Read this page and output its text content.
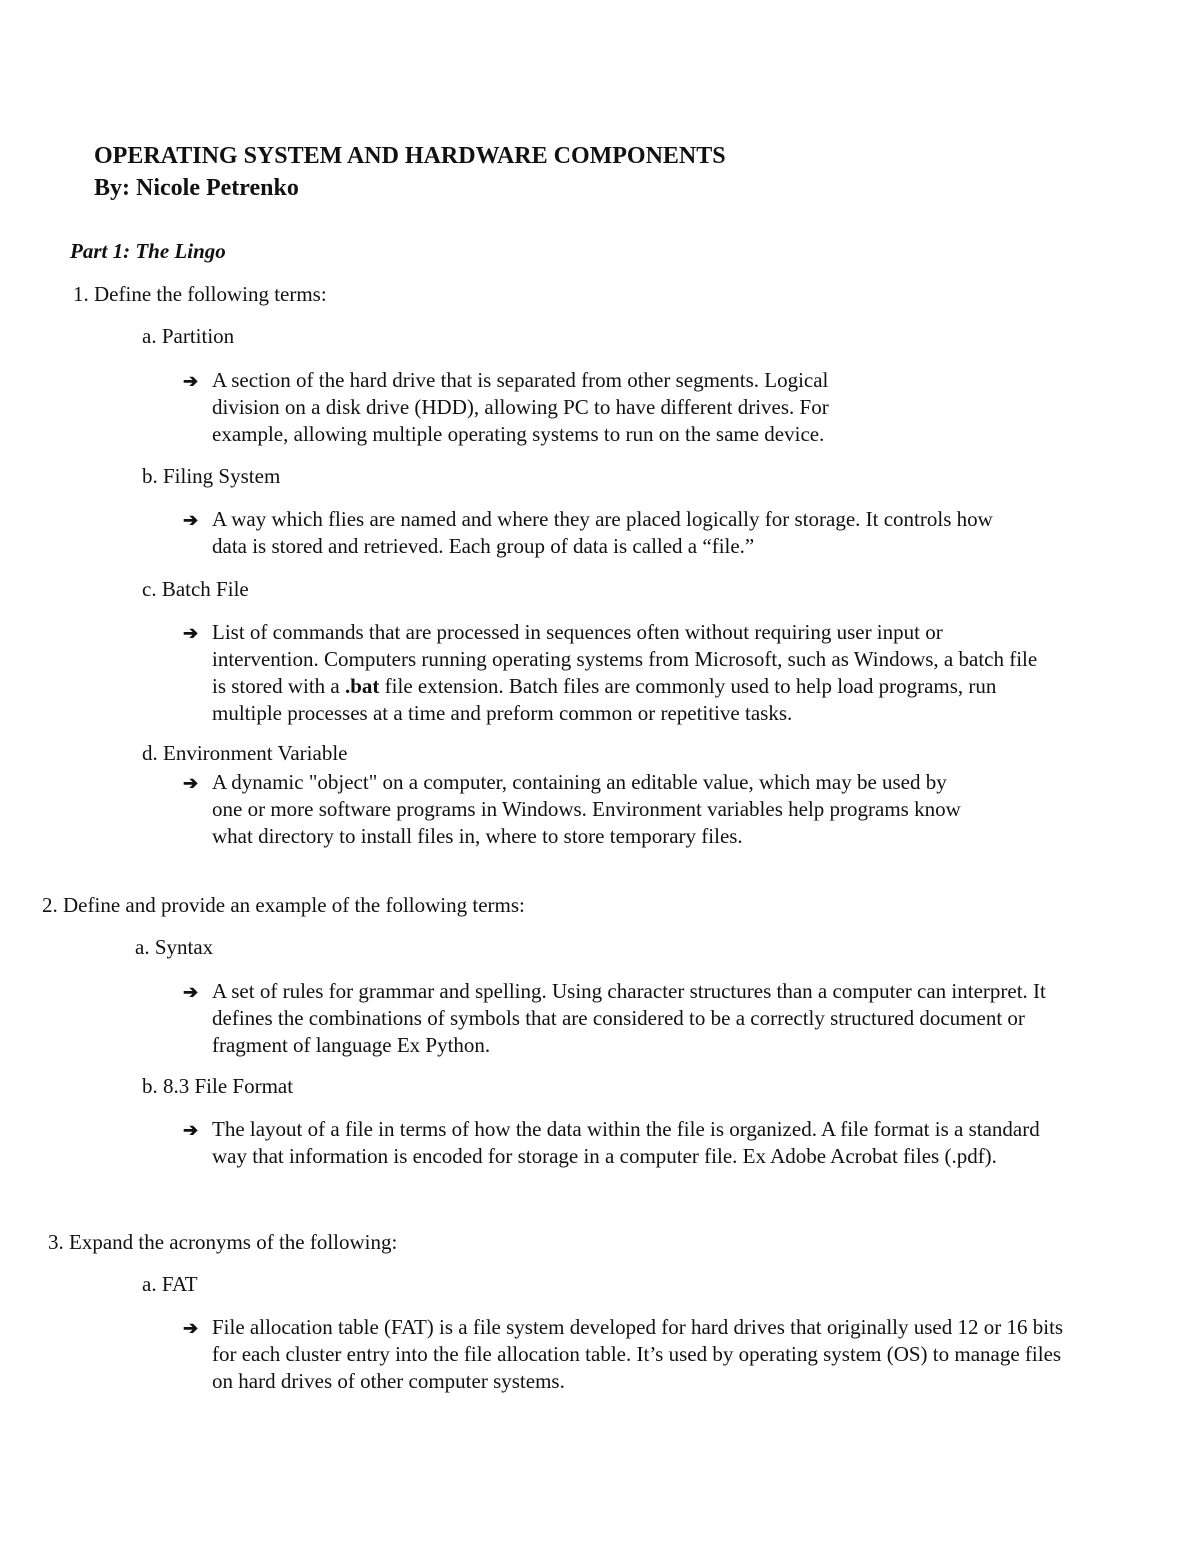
OPERATING SYSTEM AND HARDWARE COMPONENTS
By: Nicole Petrenko
Part 1: The Lingo
1. Define the following terms:
a. Partition
➔ A section of the hard drive that is separated from other segments. Logical
division on a disk drive (HDD), allowing PC to have different drives. For
example, allowing multiple operating systems to run on the same device.
b. Filing System
➔ A way which flies are named and where they are placed logically for storage. It controls how
data is stored and retrieved. Each group of data is called a “file.”
c. Batch File
➔ List of commands that are processed in sequences often without requiring user input or
intervention. Computers running operating systems from Microsoft, such as Windows, a batch file
is stored with a .bat file extension. Batch files are commonly used to help load programs, run
multiple processes at a time and preform common or repetitive tasks.
d. Environment Variable
➔ A dynamic "object" on a computer, containing an editable value, which may be used by
one or more software programs in Windows. Environment variables help programs know
what directory to install files in, where to store temporary files.
2. Define and provide an example of the following terms:
a. Syntax
➔ A set of rules for grammar and spelling. Using character structures than a computer can interpret. It
defines the combinations of symbols that are considered to be a correctly structured document or
fragment of language Ex Python.
b. 8.3 File Format
➔ The layout of a file in terms of how the data within the file is organized. A file format is a standard
way that information is encoded for storage in a computer file. Ex Adobe Acrobat files (.pdf).
3. Expand the acronyms of the following:
a. FAT
➔ File allocation table (FAT) is a file system developed for hard drives that originally used 12 or 16 bits
for each cluster entry into the file allocation table. It’s used by operating system (OS) to manage files
on hard drives of other computer systems.
